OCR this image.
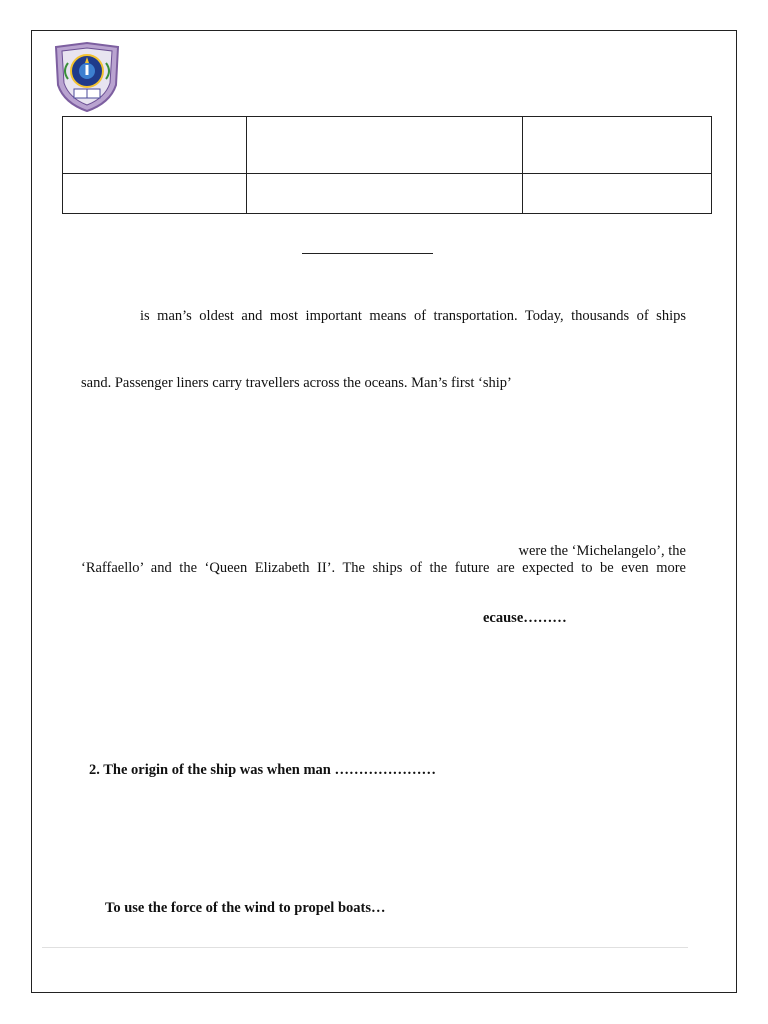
is man’s oldest and most important means of transportation. Today, thousands of ships
sand. Passenger liners carry travellers across the oceans. Man’s first ‘ship’
were the ‘Michelangelo’, the
‘Raffaello’ and the ‘Queen Elizabeth II’. The ships of the future are expected to be even more
ecause………
2. The origin of the ship was when man …………………
To use the force of the wind to propel boats…
